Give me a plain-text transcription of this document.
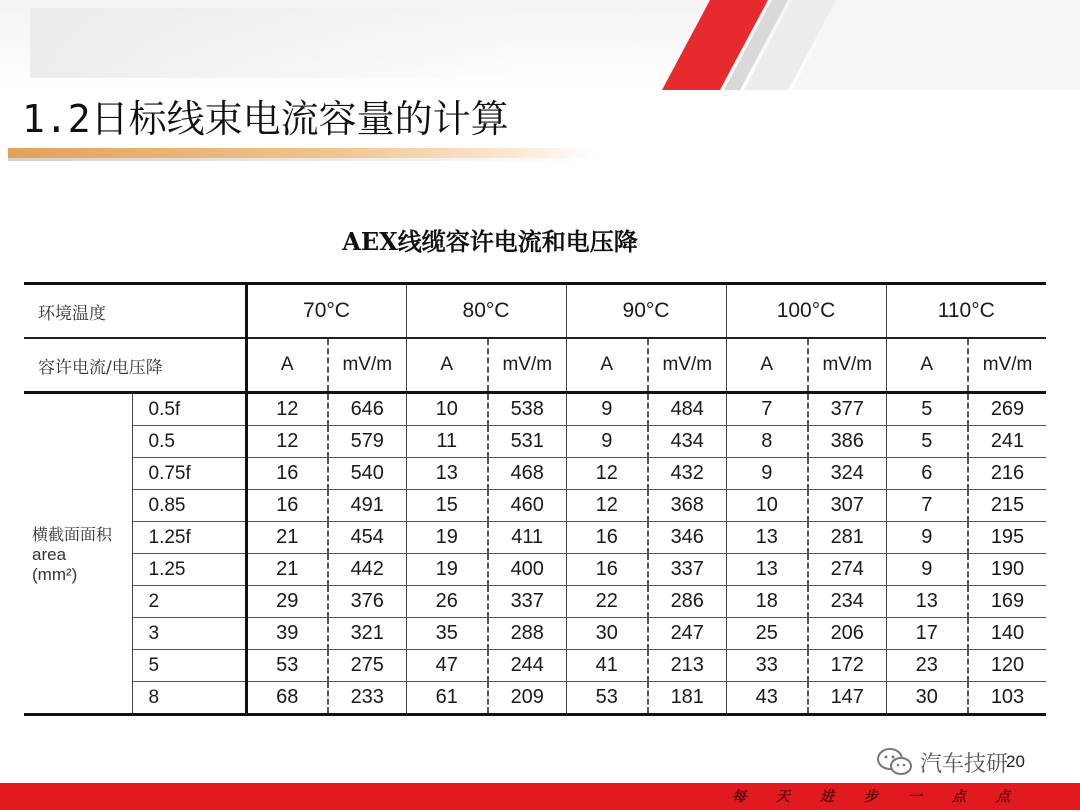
1.2日标线束电流容量的计算
AEX线缆容许电流和电压降
环境温度		70°C		80°C		90°C		100°C		110°C	
容许电流/电压降		A	mV/m	A	mV/m	A	mV/m	A	mV/m	A	mV/m

横截面面积
area
(mm²)	0.5f	12	646	10	538	9	484	7	377	5	269
	0.5	12	579	11	531	9	434	8	386	5	241
	0.75f	16	540	13	468	12	432	9	324	6	216
	0.85	16	491	15	460	12	368	10	307	7	215
	1.25f	21	454	19	411	16	346	13	281	9	195
	1.25	21	442	19	400	16	337	13	274	9	190
	2	29	376	26	337	22	286	18	234	13	169
	3	39	321	35	288	30	247	25	206	17	140
	5	53	275	47	244	41	213	33	172	23	120
	8	68	233	61	209	53	181	43	147	30	103
汽车技研
20
每天进步一点点
